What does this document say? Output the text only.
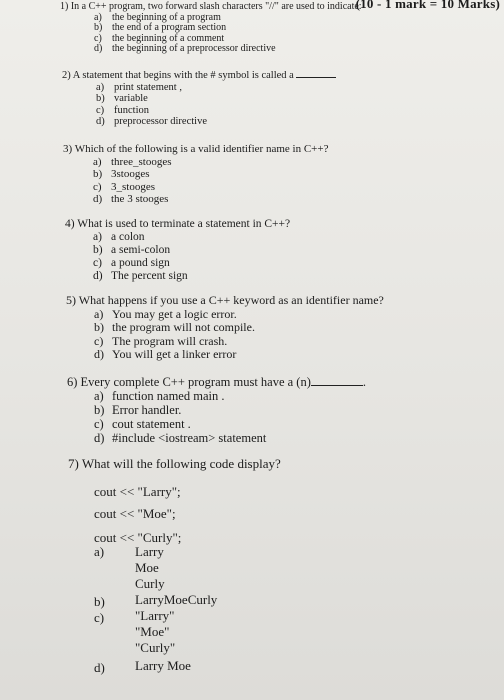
(10 - 1 mark = 10 Marks)
1) In a C++ program, two forward slash characters "//" are used to indicate:
a) the beginning of a program
b) the end of a program section
c) the beginning of a comment
d) the beginning of a preprocessor directive
2) A statement that begins with the # symbol is called a
a) print statement ,
b) variable
c) function
d) preprocessor directive
3) Which of the following is a valid identifier name in C++?
a) three_stooges
b) 3stooges
c) 3_stooges
d) the 3 stooges
4) What is used to terminate a statement in C++?
a) a colon
b) a semi-colon
c) a pound sign
d) The percent sign
5) What happens if you use a C++ keyword as an identifier name?
a) You may get a logic error.
b) the program will not compile.
c) The program will crash.
d) You will get a linker error
6) Every complete C++ program must have a (n)	.
a) function named main .
b) Error handler.
c) cout statement .
d) #include <iostream> statement
7) What will the following code display?
cout << "Larry";
cout << "Moe";
cout << "Curly";
a) Larry
Moe
Curly
b) LarryMoeCurly
c) "Larry"
"Moe"
"Curly"
d) Larry Moe
